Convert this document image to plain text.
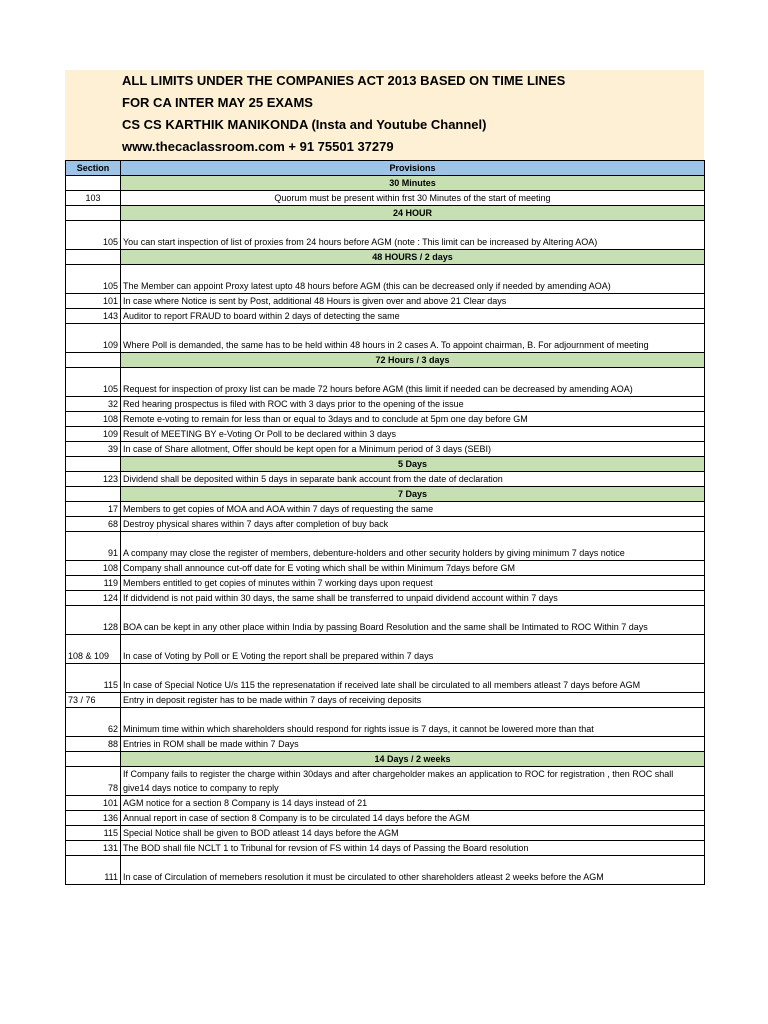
ALL LIMITS UNDER THE COMPANIES ACT 2013 BASED ON TIME LINES
FOR CA INTER MAY 25 EXAMS
CS CS KARTHIK MANIKONDA (Insta and Youtube Channel)
www.thecaclassroom.com + 91 75501 37279
Section	Provisions
	30 Minutes
103	Quorum must be present within frst 30 Minutes of the start of meeting
	24 HOUR
105	You can start inspection of list of proxies from 24 hours before AGM (note : This limit can be increased by Altering AOA)
	48 HOURS / 2 days
105	The Member can appoint Proxy latest upto 48 hours before AGM (this can be decreased only if needed by amending AOA)
101	In case where Notice is sent by Post, additional 48 Hours is given over and above 21 Clear days
143	Auditor to report FRAUD to board within 2 days of detecting the same
109	Where Poll is demanded, the same has to be held within 48 hours in 2 cases A. To appoint chairman, B. For adjournment of meeting
	72 Hours / 3 days
105	Request for inspection of proxy list can be made 72 hours before AGM (this limit if needed can be decreased by amending AOA)
32	Red hearing prospectus is filed with ROC with 3 days prior to the opening of the issue
108	Remote e-voting to remain for less than or equal to 3days and to conclude at 5pm one day before GM
109	Result of MEETING BY e-Voting Or Poll to be declared within 3 days
39	In case of Share allotment, Offer should be kept open for a Minimum period of 3 days (SEBI)
	5 Days
123	Dividend shall be deposited within 5 days in separate bank account from the date of declaration
	7 Days
17	Members to get copies of MOA and AOA within 7 days of requesting the same
68	Destroy physical shares within 7 days after completion of buy back
91	A company may close the register of members, debenture-holders and other security holders by giving minimum 7 days notice
108	Company shall announce cut-off date for E voting which shall be within Minimum 7days before GM
119	Members entitled to get copies of minutes within 7 working days upon request
124	If didvidend is not paid within 30 days, the same shall be transferred to unpaid dividend account within 7 days
128	BOA can be kept in any other place within India by passing Board Resolution and the same shall be Intimated to ROC Within 7 days
108 & 109	In case of Voting by Poll or E Voting the report shall be prepared within 7 days
115	In case of Special Notice U/s 115 the represenatation if received late shall be circulated to all members atleast 7 days before AGM
73 / 76	Entry in deposit register has to be made within 7 days of receiving deposits
62	Minimum time within which shareholders should respond for rights issue is 7 days, it cannot be lowered more than that
88	Entries in ROM shall be made within 7 Days
	14 Days / 2 weeks
78	If Company fails to register the charge within 30days and after chargeholder makes an application to ROC for registration , then ROC shall give14 days notice to company to reply
101	AGM notice for a section 8 Company is 14 days instead of 21
136	Annual report in case of section 8 Company is to be circulated 14 days before the AGM
115	Special Notice shall be given to BOD atleast 14 days before the AGM
131	The BOD shall file NCLT 1 to Tribunal for revsion of FS within 14 days of Passing the Board resolution
111	In case of Circulation of memebers resolution it must be circulated to other shareholders atleast 2 weeks before the AGM
